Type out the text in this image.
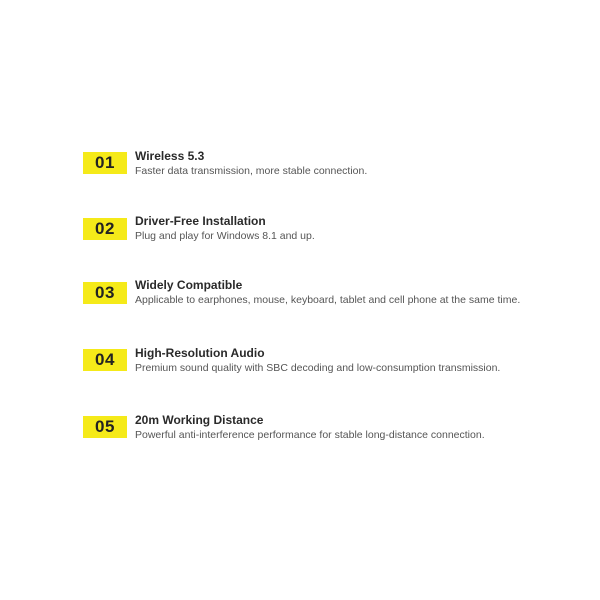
01	Wireless 5.3
Faster data transmission, more stable connection.
02	Driver-Free Installation
Plug and play for Windows 8.1 and up.
03	Widely Compatible
Applicable to earphones, mouse, keyboard, tablet and cell phone at the same time.
04	High-Resolution Audio
Premium sound quality with SBC decoding and low-consumption transmission.
05	20m Working Distance
Powerful anti-interference performance for stable long-distance connection.
